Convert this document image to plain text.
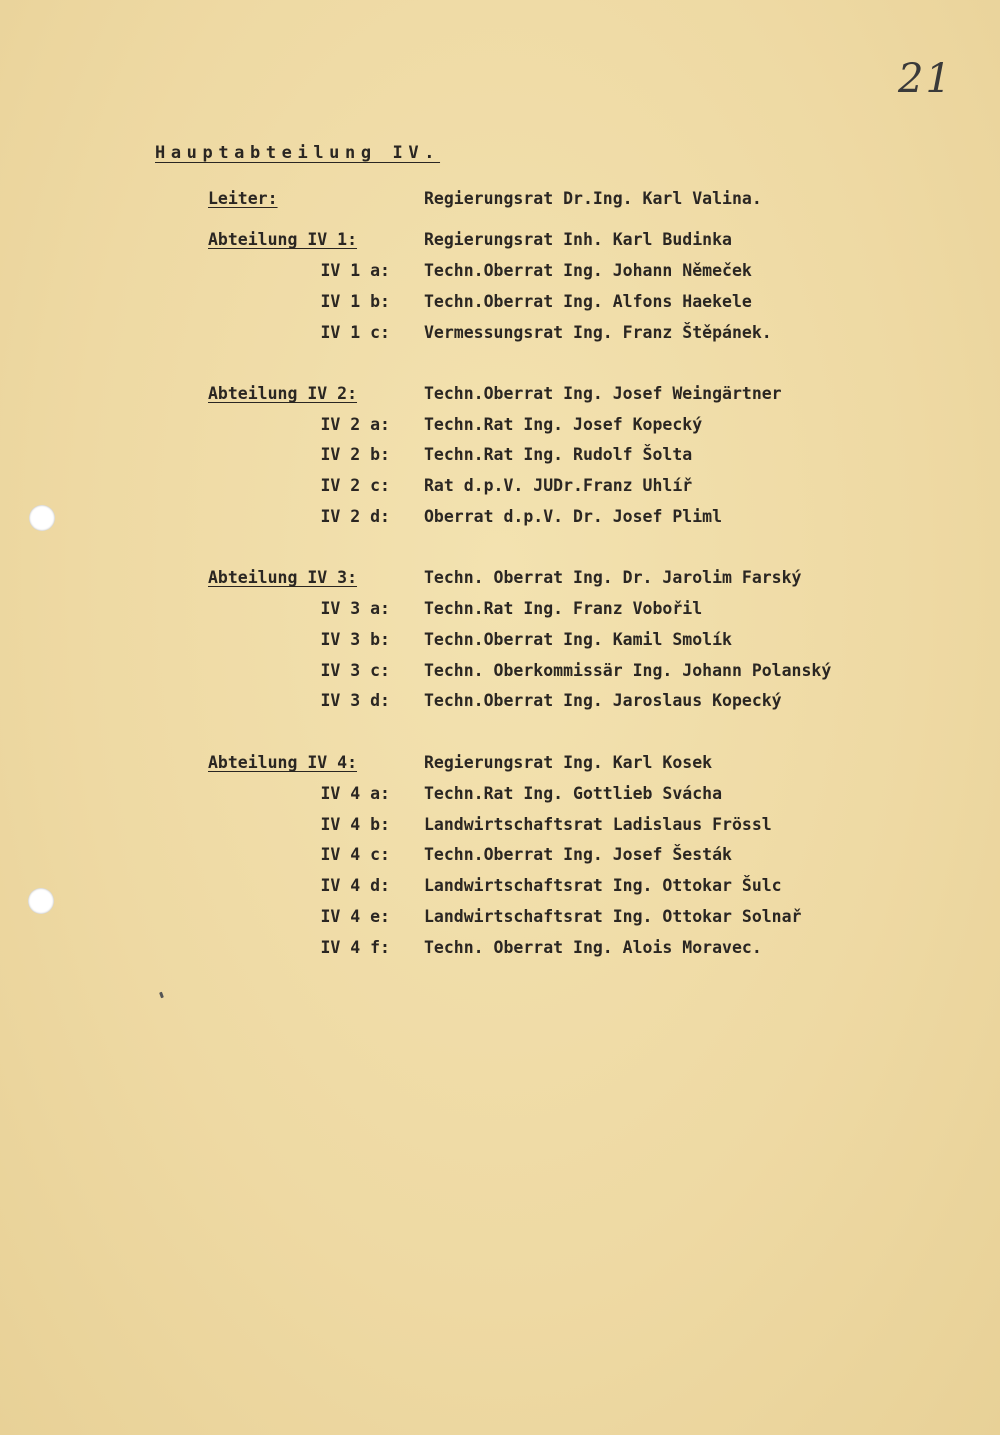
21
Hauptabteilung IV.
Leiter:	Regierungsrat Dr.Ing. Karl Valina.
Abteilung IV 1:	Regierungsrat Inh. Karl Budinka
IV 1 a: Techn.Oberrat Ing. Johann Němeček
IV 1 b: Techn.Oberrat Ing. Alfons Haekele
IV 1 c: Vermessungsrat Ing. Franz Štěpánek.
Abteilung IV 2:	Techn.Oberrat Ing. Josef Weingärtner
IV 2 a: Techn.Rat Ing. Josef Kopecký
IV 2 b: Techn.Rat Ing. Rudolf Šolta
IV 2 c: Rat d.p.V. JUDr.Franz Uhlíř
IV 2 d: Oberrat d.p.V. Dr. Josef Pliml
Abteilung IV 3:	Techn. Oberrat Ing. Dr. Jarolim Farský
IV 3 a: Techn.Rat Ing. Franz Vobořil
IV 3 b: Techn.Oberrat Ing. Kamil Smolík
IV 3 c: Techn. Oberkommissär Ing. Johann Polanský
IV 3 d: Techn.Oberrat Ing. Jaroslaus Kopecký
Abteilung IV 4:	Regierungsrat Ing. Karl Kosek
IV 4 a: Techn.Rat Ing. Gottlieb Svácha
IV 4 b: Landwirtschaftsrat Ladislaus Frössl
IV 4 c: Techn.Oberrat Ing. Josef Šesták
IV 4 d: Landwirtschaftsrat Ing. Ottokar Šulc
IV 4 e: Landwirtschaftsrat Ing. Ottokar Solnař
IV 4 f: Techn. Oberrat Ing. Alois Moravec.
